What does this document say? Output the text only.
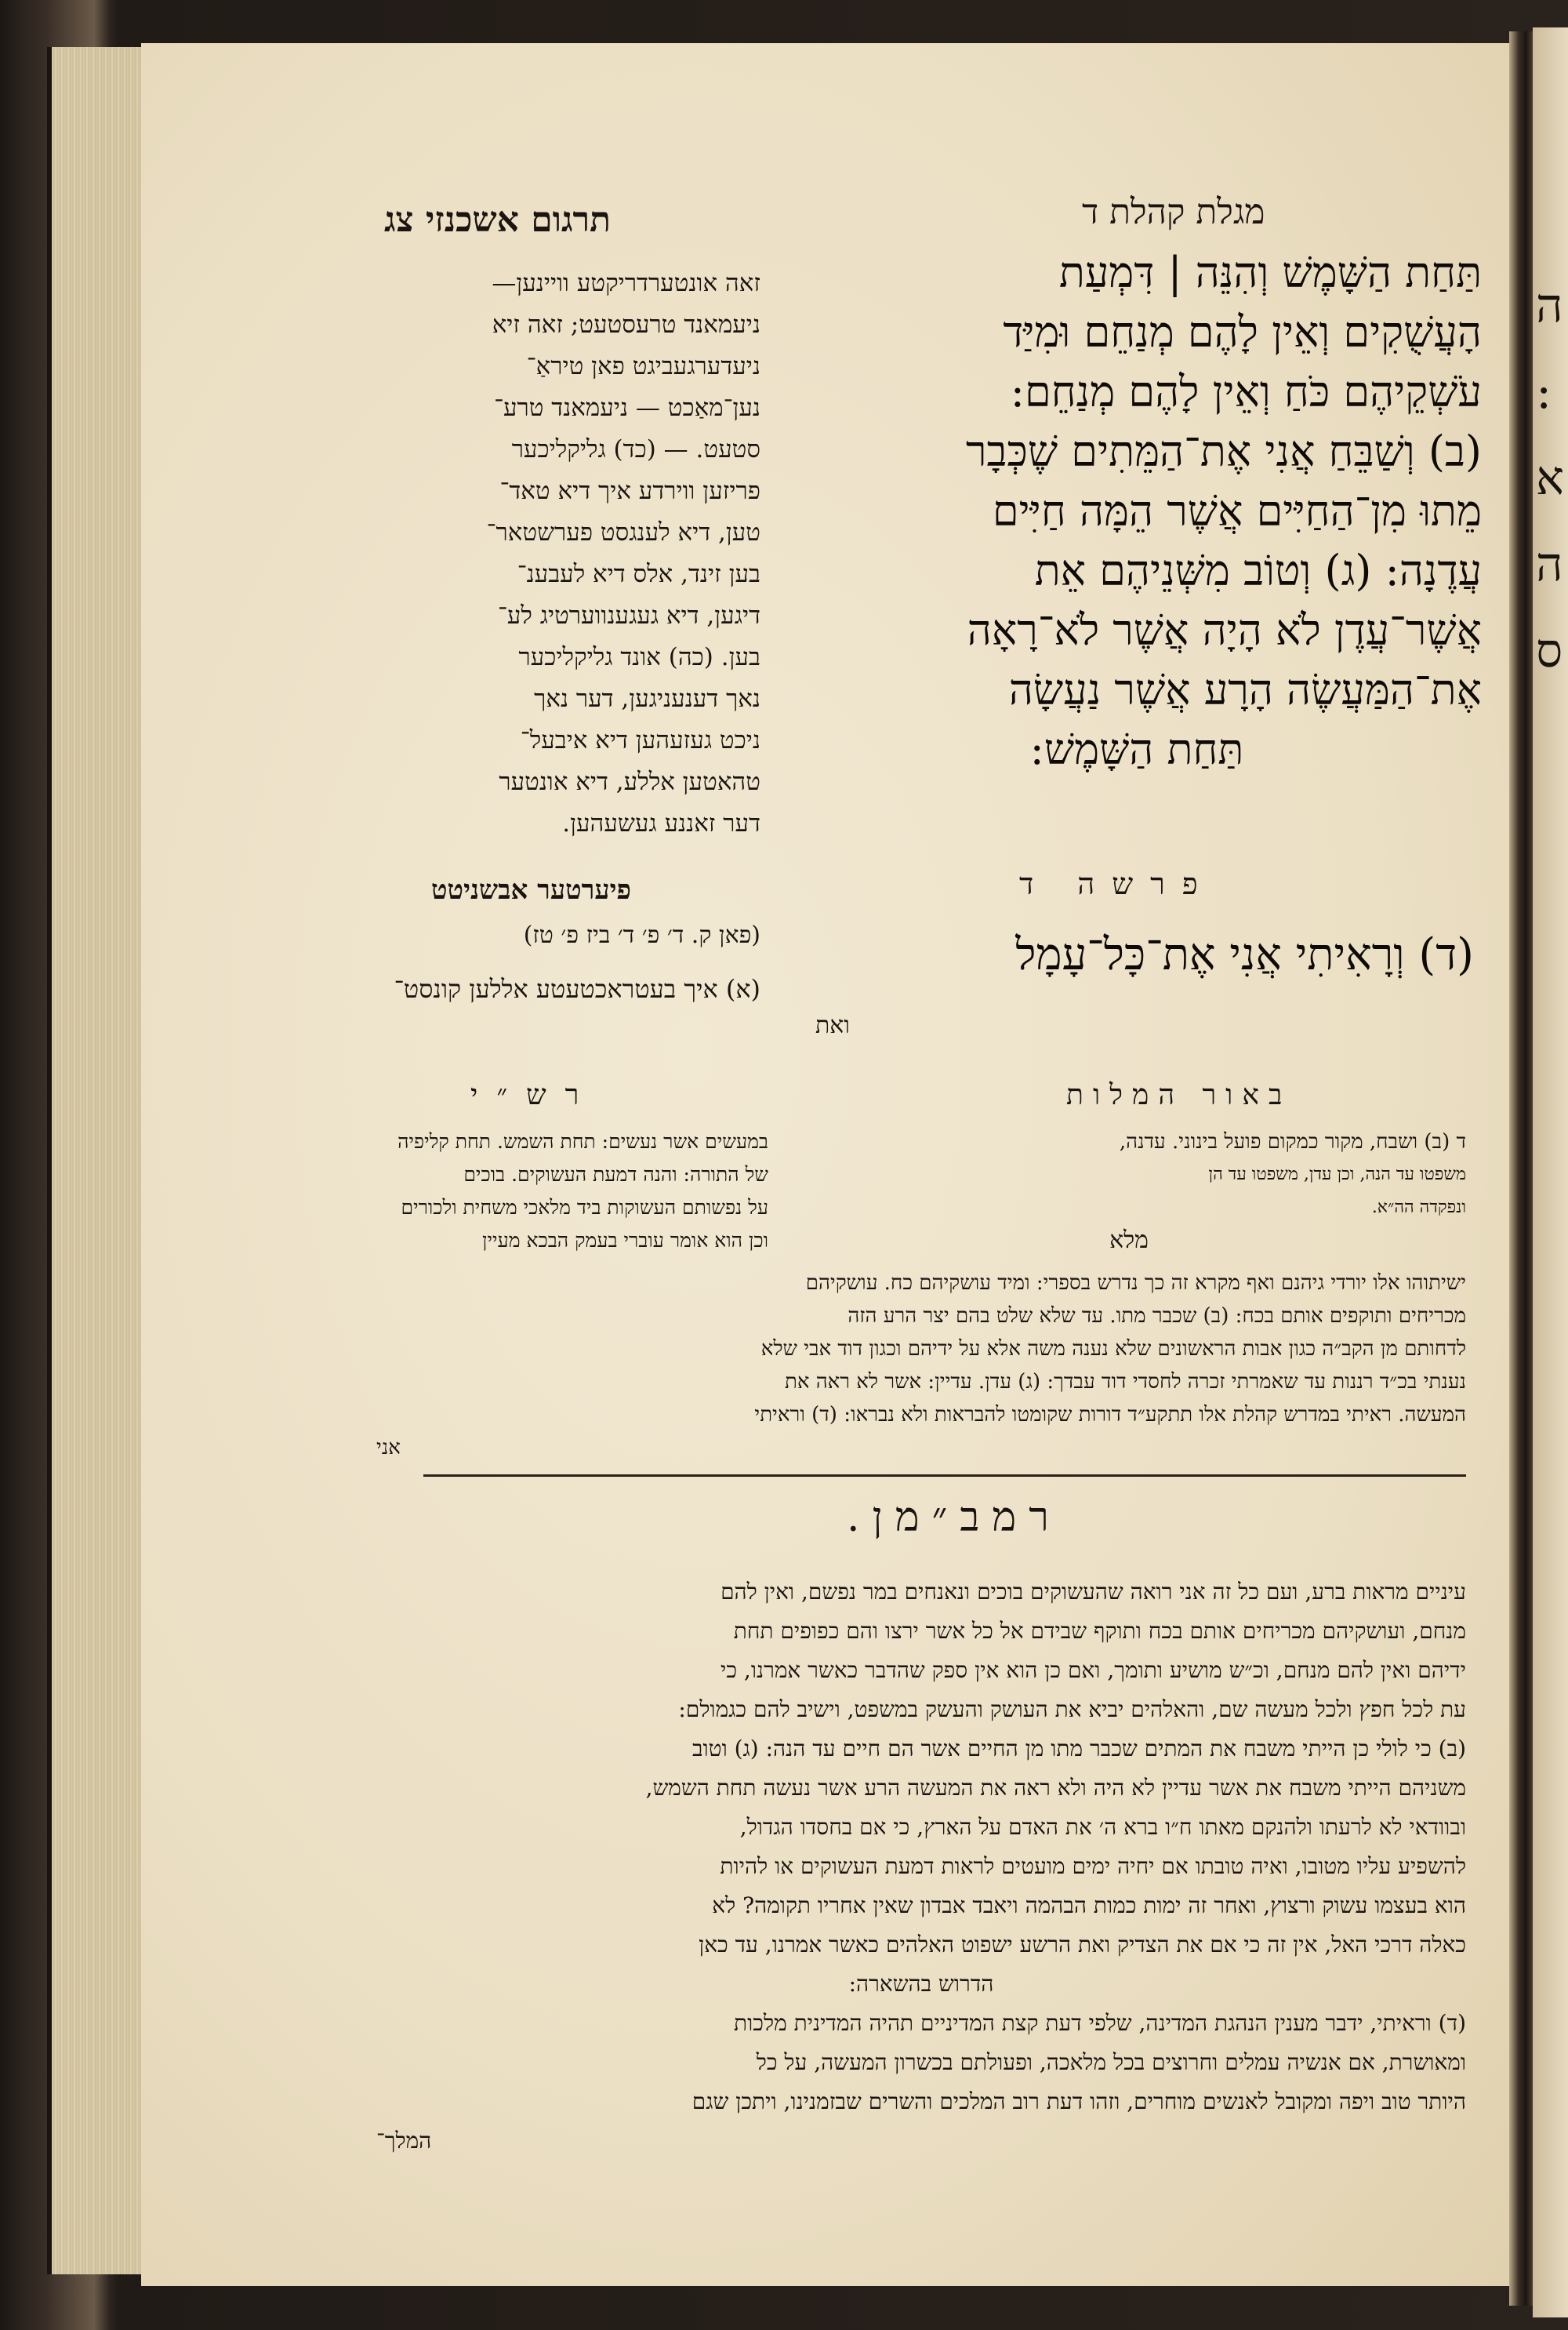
מגלת קהלת ד
תרגום אשכנזי צג

תַּחַת הַשָּׁמֶשׁ וְהִנֵּה | דִּמְעַת

הָעֲשֻׁקִים וְאֵין לָהֶם מְנַחֵם וּמִיַּד

עֹשְׁקֵיהֶם כֹּחַ וְאֵין לָהֶם מְנַחֵם:

(ב) וְשַׁבֵּחַ אֲנִי אֶת־הַמֵּתִים שֶׁכְּבָר

מֵתוּ מִן־הַחַיִּים אֲשֶׁר הֵמָּה חַיִּים

עֲדֶנָה: (ג) וְטוֹב מִשְּׁנֵיהֶם אֵת

אֲשֶׁר־עֲדֶן לֹא הָיָה אֲשֶׁר לֹא־רָאָה

אֶת־הַמַּעֲשֶׂה הָרָע אֲשֶׁר נַעֲשָׂה

תַּחַת הַשָּׁמֶשׁ:

פרשה ד
(ד) וְרָאִיתִי אֲנִי אֶת־כָּל־עָמָל
ואת

זאה אונטערדריקטע וויינען—

ניעמאנד טרעסטעט; זאה זיא

ניעדערגעביגט פאן טיראַ־

נען־מאַכט — ניעמאנד טרע־

סטעט. — (כד) גליקליכער

פריזען ווירדע איך דיא טאד־

טען, דיא לענגסט פערשטאר־

בען זינד, אלס דיא לעבענ־

דיגען, דיא געגענווערטיג לע־

בען. (כה) אונד גליקליכער

נאך דענעניגען, דער נאך

ניכט געזעהען דיא איבעל־

טהאטען אללע, דיא אונטער

דער זאננע געשעהען.

פיערטער אבשניטט
(פאן ק. ד׳ פ׳ ד׳ ביז פ׳ טז)
(א) איך בעטראכטעטע אללען קונסט־
באור המלות

ד (ב) ושבח, מקור כמקום פועל בינוני. עדנה,

משפטו עד הנה, וכן עדן, משפטו עד הן

ונפקדה הה״א.

מלא

רש״י

במעשים אשר נעשים: תחת השמש. תחת קליפיה

של התורה: והנה דמעת העשוקים. בוכים

על נפשותם העשוקות ביד מלאכי משחית ולכורים

וכן הוא אומר עוברי בעמק הבכא מעיין

ישיתוהו אלו יורדי גיהנם ואף מקרא זה כך נדרש בספרי: ומיד עושקיהם כח. עושקיהם

מכריחים ותוקפים אותם בכח: (ב) שכבר מתו. עד שלא שלט בהם יצר הרע הזה

לדחותם מן הקב״ה כגון אבות הראשונים שלא נענה משה אלא על ידיהם וכגון דוד אבי שלא

נענתי בכ״ד רננות עד שאמרתי זכרה לחסדי דוד עבדך: (ג) עדן. עדיין: אשר לא ראה את

המעשה. ראיתי במדרש קהלת אלו תתקע״ד דורות שקומטו להבראות ולא נבראו: (ד) וראיתי

אני

רמב״מן.

עיניים מראות ברע, ועם כל זה אני רואה שהעשוקים בוכים ונאנחים במר נפשם, ואין להם

מנחם, ועושקיהם מכריחים אותם בכח ותוקף שבידם אל כל אשר ירצו והם כפופים תחת

ידיהם ואין להם מנחם, וכ״ש מושיע ותומך, ואם כן הוא אין ספק שהדבר כאשר אמרנו, כי

עת לכל חפץ ולכל מעשה שם, והאלהים יביא את העושק והעשק במשפט, וישיב להם כגמולם:

(ב) כי לולי כן הייתי משבח את המתים שכבר מתו מן החיים אשר הם חיים עד הנה: (ג) וטוב

משניהם הייתי משבח את אשר עדיין לא היה ולא ראה את המעשה הרע אשר נעשה תחת השמש,

ובוודאי לא לרעתו ולהנקם מאתו ח״ו ברא ה׳ את האדם על הארץ, כי אם בחסדו הגדול,

להשפיע עליו מטובו, ואיה טובתו אם יחיה ימים מועטים לראות דמעת העשוקים או להיות

הוא בעצמו עשוק ורצוץ, ואחר זה ימות כמות הבהמה ויאבד אבדון שאין אחריו תקומה? לא

כאלה דרכי האל, אין זה כי אם את הצדיק ואת הרשע ישפוט האלהים כאשר אמרנו, עד כאן

הדרוש בהשארה:

(ד) וראיתי, ידבר מענין הנהגת המדינה, שלפי דעת קצת המדיניים תהיה המדינית מלכות

ומאושרת, אם אנשיה עמלים וחרוצים בכל מלאכה, ופעולתם בכשרון המעשה, על כל

היותר טוב ויפה ומקובל לאנשים מוחרים, וזהו דעת רוב המלכים והשרים שבזמנינו, ויתכן שגם

המלך־

ה
:
א
ה
ס
